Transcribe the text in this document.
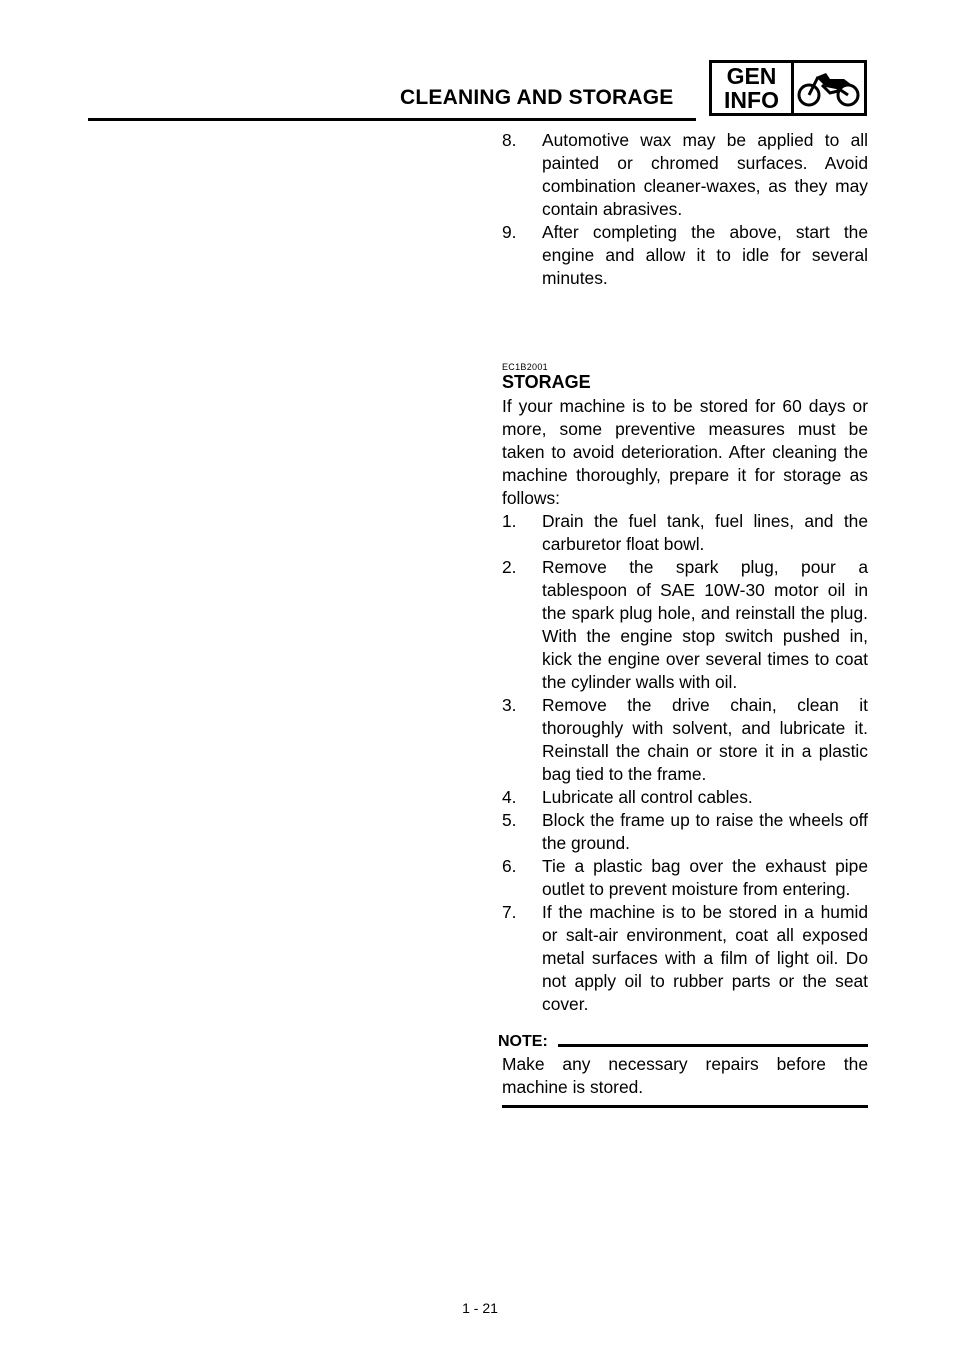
CLEANING AND STORAGE
GEN
INFO
8.	Automotive wax may be applied to all painted or chromed surfaces. Avoid combination cleaner-waxes, as they may contain abrasives.
9.	After completing the above, start the engine and allow it to idle for several minutes.
EC1B2001
STORAGE
If your machine is to be stored for 60 days or more, some preventive measures must be taken to avoid deterioration. After cleaning the machine thoroughly, prepare it for storage as follows:
1.	Drain the fuel tank, fuel lines, and the carburetor float bowl.
2.	Remove the spark plug, pour a tablespoon of SAE 10W-30 motor oil in the spark plug hole, and reinstall the plug. With the engine stop switch pushed in, kick the engine over several times to coat the cylinder walls with oil.
3.	Remove the drive chain, clean it thoroughly with solvent, and lubricate it. Reinstall the chain or store it in a plastic bag tied to the frame.
4.	Lubricate all control cables.
5.	Block the frame up to raise the wheels off the ground.
6.	Tie a plastic bag over the exhaust pipe outlet to prevent moisture from entering.
7.	If the machine is to be stored in a humid or salt-air environment, coat all exposed metal surfaces with a film of light oil. Do not apply oil to rubber parts or the seat cover.
NOTE:
Make any necessary repairs before the machine is stored.
1 - 21
